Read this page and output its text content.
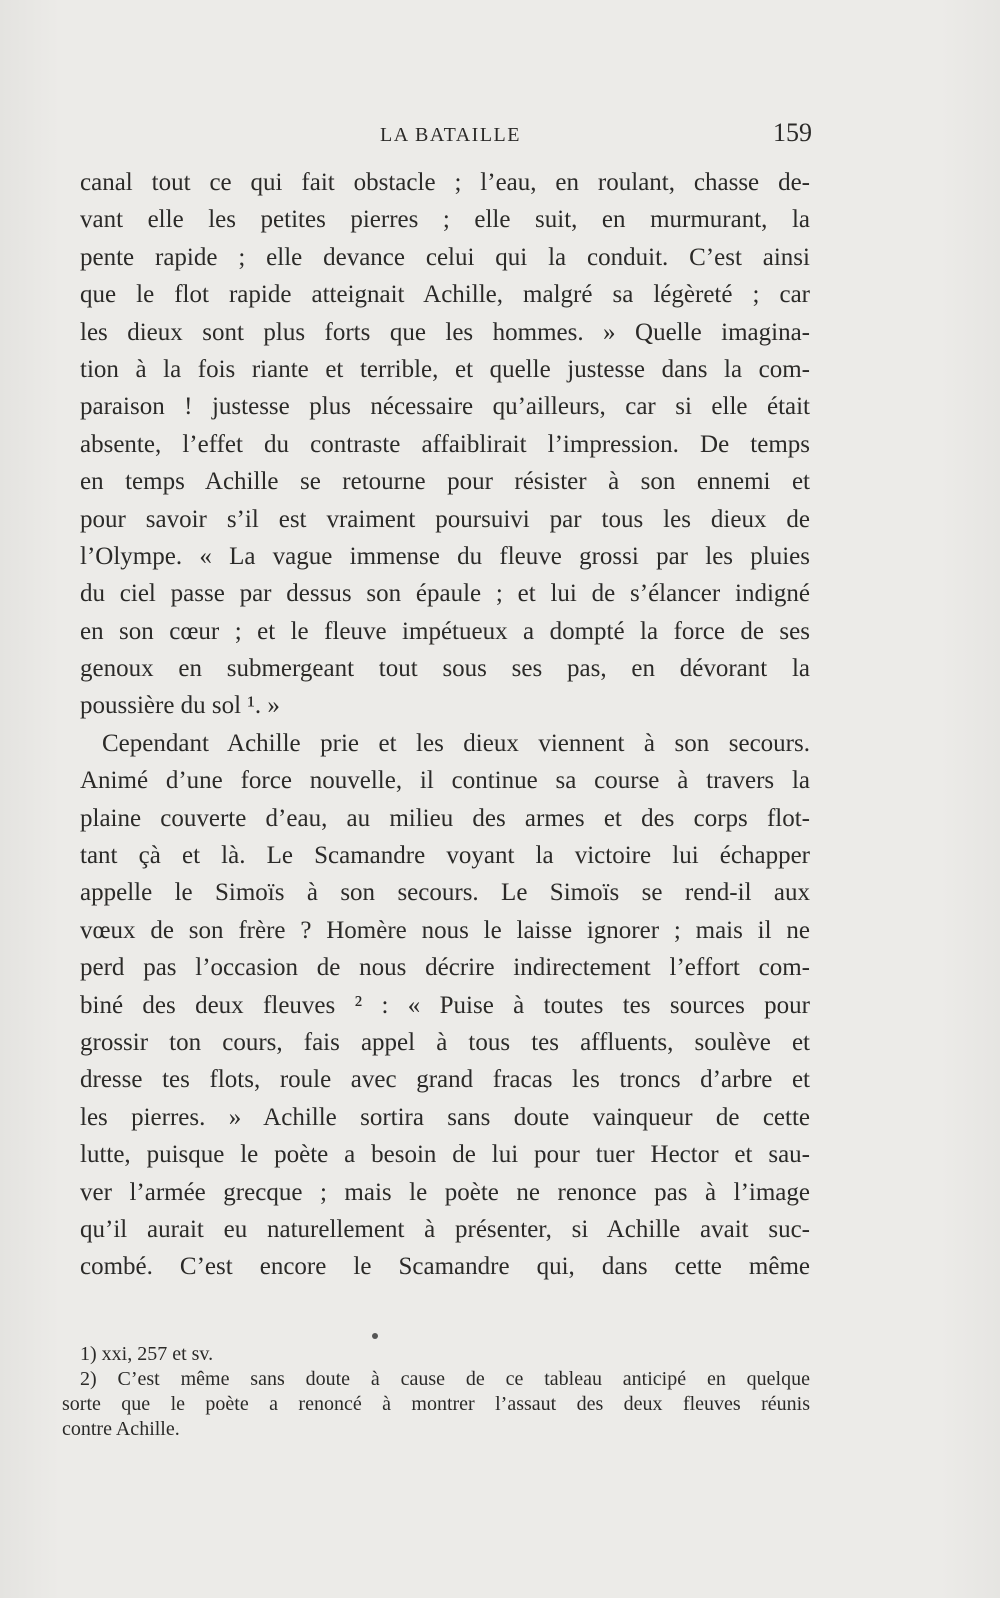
LA BATAILLE	159
canal tout ce qui fait obstacle ; l’eau, en roulant, chasse de-
vant elle les petites pierres ; elle suit, en murmurant, la
pente rapide ; elle devance celui qui la conduit. C’est ainsi
que le flot rapide atteignait Achille, malgré sa légèreté ; car
les dieux sont plus forts que les hommes. » Quelle imagina-
tion à la fois riante et terrible, et quelle justesse dans la com-
paraison ! justesse plus nécessaire qu’ailleurs, car si elle était
absente, l’effet du contraste affaiblirait l’impression. De temps
en temps Achille se retourne pour résister à son ennemi et
pour savoir s’il est vraiment poursuivi par tous les dieux de
l’Olympe. « La vague immense du fleuve grossi par les pluies
du ciel passe par dessus son épaule ; et lui de s’élancer indigné
en son cœur ; et le fleuve impétueux a dompté la force de ses
genoux en submergeant tout sous ses pas, en dévorant la
poussière du sol ¹. »
Cependant Achille prie et les dieux viennent à son secours.
Animé d’une force nouvelle, il continue sa course à travers la
plaine couverte d’eau, au milieu des armes et des corps flot-
tant çà et là. Le Scamandre voyant la victoire lui échapper
appelle le Simoïs à son secours. Le Simoïs se rend-il aux
vœux de son frère ? Homère nous le laisse ignorer ; mais il ne
perd pas l’occasion de nous décrire indirectement l’effort com-
biné des deux fleuves ² : « Puise à toutes tes sources pour
grossir ton cours, fais appel à tous tes affluents, soulève et
dresse tes flots, roule avec grand fracas les troncs d’arbre et
les pierres. » Achille sortira sans doute vainqueur de cette
lutte, puisque le poète a besoin de lui pour tuer Hector et sau-
ver l’armée grecque ; mais le poète ne renonce pas à l’image
qu’il aurait eu naturellement à présenter, si Achille avait suc-
combé. C’est encore le Scamandre qui, dans cette même
1) xxi, 257 et sv.
2) C’est même sans doute à cause de ce tableau anticipé en quelque
sorte que le poète a renoncé à montrer l’assaut des deux fleuves réunis
contre Achille.
